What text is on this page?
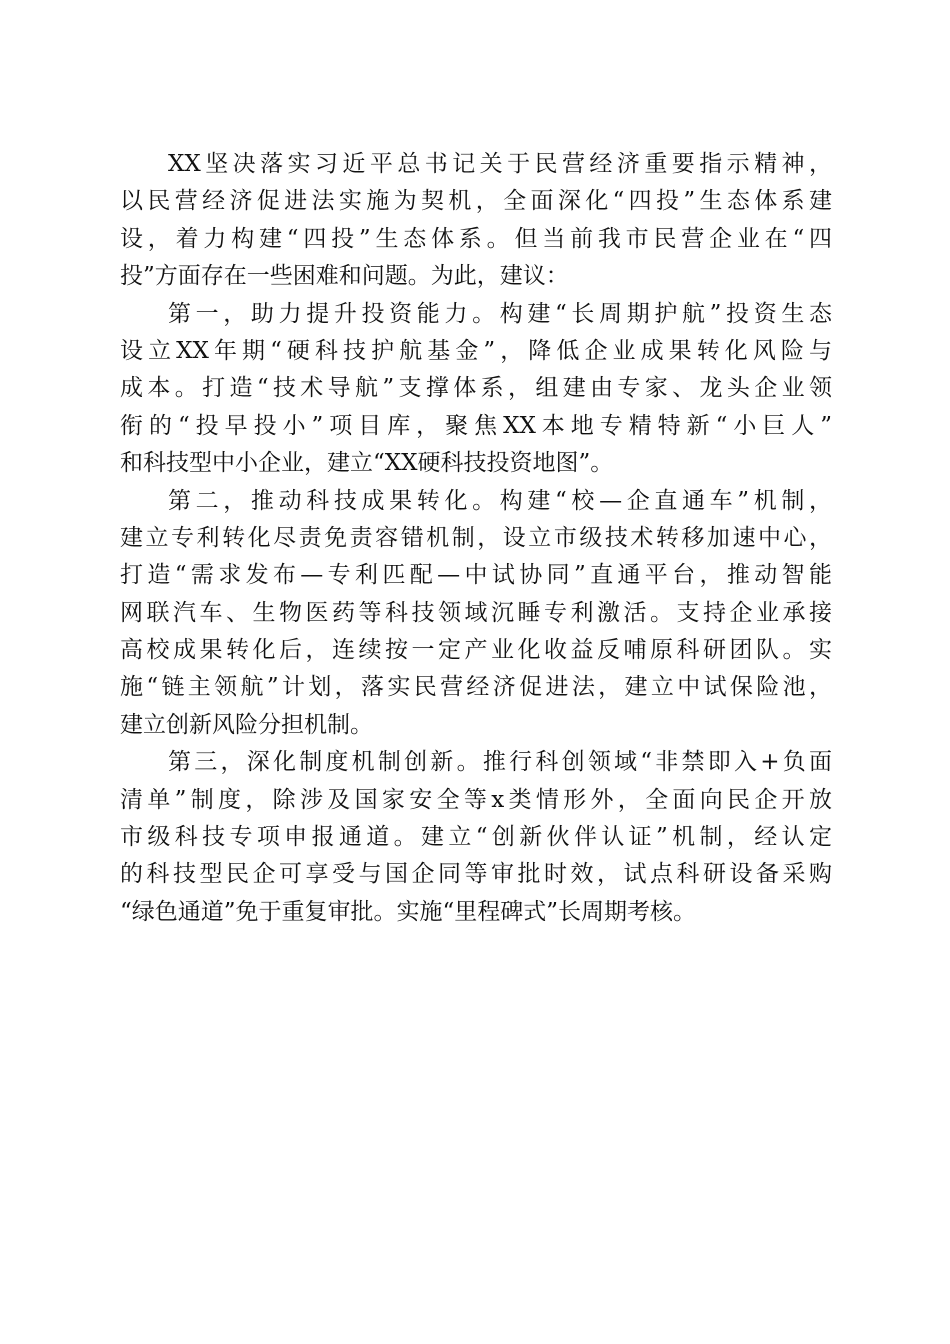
XX坚决落实习近平总书记关于民营经济重要指示精神，
以民营经济促进法实施为契机，全面深化“四投”生态体系建
设，着力构建“四投”生态体系。但当前我市民营企业在“四
投”方面存在一些困难和问题。为此，建议：
第一，助力提升投资能力。构建“长周期护航”投资生态
设立XX年期“硬科技护航基金”，降低企业成果转化风险与
成本。打造“技术导航”支撑体系，组建由专家、龙头企业领
衔的“投早投小”项目库，聚焦XX本地专精特新“小巨人”
和科技型中小企业，建立“XX硬科技投资地图”。
第二，推动科技成果转化。构建“校—企直通车”机制，
建立专利转化尽责免责容错机制，设立市级技术转移加速中心，
打造“需求发布—专利匹配—中试协同”直通平台，推动智能
网联汽车、生物医药等科技领域沉睡专利激活。支持企业承接
高校成果转化后，连续按一定产业化收益反哺原科研团队。实
施“链主领航”计划，落实民营经济促进法，建立中试保险池，
建立创新风险分担机制。
第三，深化制度机制创新。推行科创领域“非禁即入+负面
清单”制度，除涉及国家安全等x类情形外，全面向民企开放
市级科技专项申报通道。建立“创新伙伴认证”机制，经认定
的科技型民企可享受与国企同等审批时效，试点科研设备采购
“绿色通道”免于重复审批。实施“里程碑式”长周期考核。
